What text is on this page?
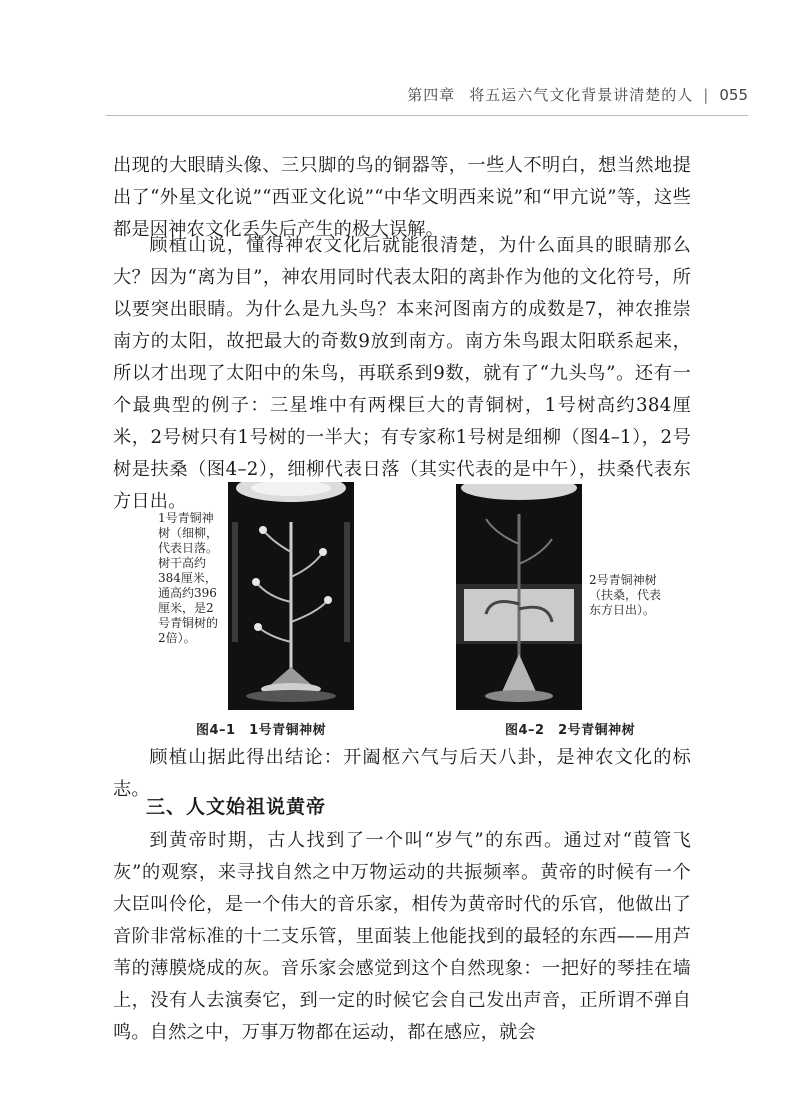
第四章 将五运六气文化背景讲清楚的人 | 055

出现的大眼睛头像、三只脚的鸟的铜器等，一些人不明白，想当然地提出了“外星文化说”“西亚文化说”“中华文明西来说”和“甲亢说”等，这些都是因神农文化丢失后产生的极大误解。

顾植山说，懂得神农文化后就能很清楚，为什么面具的眼睛那么大？因为“离为目”，神农用同时代表太阳的离卦作为他的文化符号，所以要突出眼睛。为什么是九头鸟？本来河图南方的成数是7，神农推崇南方的太阳，故把最大的奇数9放到南方。南方朱鸟跟太阳联系起来，所以才出现了太阳中的朱鸟，再联系到9数，就有了“九头鸟”。还有一个最典型的例子：三星堆中有两棵巨大的青铜树，1号树高约384厘米，2号树只有1号树的一半大；有专家称1号树是细柳（图4–1），2号树是扶桑（图4–2），细柳代表日落（其实代表的是中午），扶桑代表东方日出。

1号青铜神树（细柳，代表日落。树干高约384厘米，通高约396厘米，是2号青铜树的2倍）。
图4–1　1号青铜神树
2号青铜神树（扶桑，代表东方日出）。
图4–2　2号青铜神树

顾植山据此得出结论：开阖枢六气与后天八卦，是神农文化的标志。

三、人文始祖说黄帝

到黄帝时期，古人找到了一个叫“岁气”的东西。通过对“葭管飞灰”的观察，来寻找自然之中万物运动的共振频率。黄帝的时候有一个大臣叫伶伦，是一个伟大的音乐家，相传为黄帝时代的乐官，他做出了音阶非常标准的十二支乐管，里面装上他能找到的最轻的东西——用芦苇的薄膜烧成的灰。音乐家会感觉到这个自然现象：一把好的琴挂在墙上，没有人去演奏它，到一定的时候它会自己发出声音，正所谓不弹自鸣。自然之中，万事万物都在运动，都在感应，就会
